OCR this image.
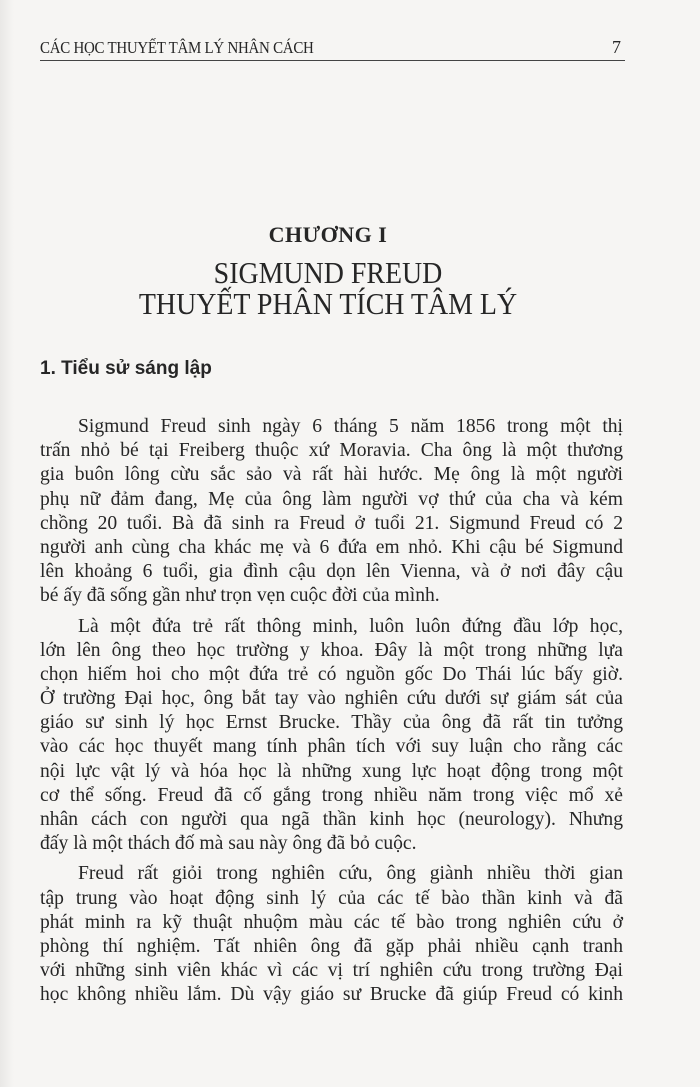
CÁC HỌC THUYẾT TÂM LÝ NHÂN CÁCH	7
CHƯƠNG I
SIGMUND FREUD
THUYẾT PHÂN TÍCH TÂM LÝ
1. Tiểu sử sáng lập
Sigmund Freud sinh ngày 6 tháng 5 năm 1856 trong một thị
trấn nhỏ bé tại Freiberg thuộc xứ Moravia. Cha ông là một thương
gia buôn lông cừu sắc sảo và rất hài hước. Mẹ ông là một người
phụ nữ đảm đang, Mẹ của ông làm người vợ thứ của cha và kém
chồng 20 tuổi. Bà đã sinh ra Freud ở tuổi 21. Sigmund Freud có 2
người anh cùng cha khác mẹ và 6 đứa em nhỏ. Khi cậu bé Sigmund
lên khoảng 6 tuổi, gia đình cậu dọn lên Vienna, và ở nơi đây cậu
bé ấy đã sống gần như trọn vẹn cuộc đời của mình.
Là một đứa trẻ rất thông minh, luôn luôn đứng đầu lớp học,
lớn lên ông theo học trường y khoa. Đây là một trong những lựa
chọn hiếm hoi cho một đứa trẻ có nguồn gốc Do Thái lúc bấy giờ.
Ở trường Đại học, ông bắt tay vào nghiên cứu dưới sự giám sát của
giáo sư sinh lý học Ernst Brucke. Thầy của ông đã rất tin tưởng
vào các học thuyết mang tính phân tích với suy luận cho rằng các
nội lực vật lý và hóa học là những xung lực hoạt động trong một
cơ thể sống. Freud đã cố gắng trong nhiều năm trong việc mổ xẻ
nhân cách con người qua ngã thần kinh học (neurology). Nhưng
đấy là một thách đố mà sau này ông đã bỏ cuộc.
Freud rất giỏi trong nghiên cứu, ông giành nhiều thời gian
tập trung vào hoạt động sinh lý của các tế bào thần kinh và đã
phát minh ra kỹ thuật nhuộm màu các tế bào trong nghiên cứu ở
phòng thí nghiệm. Tất nhiên ông đã gặp phải nhiều cạnh tranh
với những sinh viên khác vì các vị trí nghiên cứu trong trường Đại
học không nhiều lắm. Dù vậy giáo sư Brucke đã giúp Freud có kinh
